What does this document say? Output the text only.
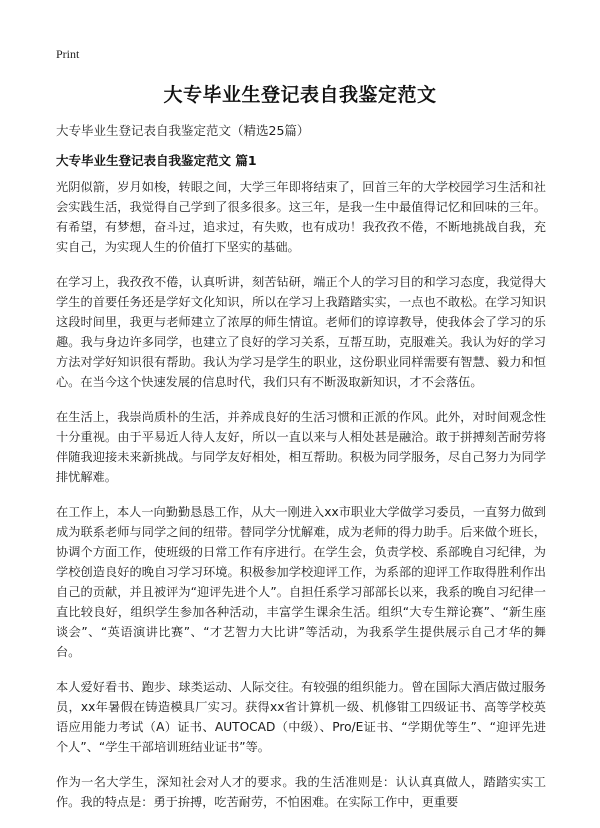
Print
大专毕业生登记表自我鉴定范文
大专毕业生登记表自我鉴定范文（精选25篇）
大专毕业生登记表自我鉴定范文 篇1

光阴似箭，岁月如梭，转眼之间，大学三年即将结束了，回首三年的大学校园学习生活和社会实践生活，我觉得自己学到了很多很多。这三年，是我一生中最值得记忆和回味的三年。有希望，有梦想，奋斗过，追求过，有失败，也有成功！我孜孜不倦，不断地挑战自我，充实自己，为实现人生的价值打下坚实的基础。

在学习上，我孜孜不倦，认真听讲，刻苦钻研，端正个人的学习目的和学习态度，我觉得大学生的首要任务还是学好文化知识，所以在学习上我踏踏实实，一点也不敢松。在学习知识这段时间里，我更与老师建立了浓厚的师生情谊。老师们的谆谆教导，使我体会了学习的乐趣。我与身边许多同学，也建立了良好的学习关系，互帮互助，克服难关。我认为好的学习方法对学好知识很有帮助。我认为学习是学生的职业，这份职业同样需要有智慧、毅力和恒心。在当今这个快速发展的信息时代，我们只有不断汲取新知识，才不会落伍。

在生活上，我崇尚质朴的生活，并养成良好的生活习惯和正派的作风。此外，对时间观念性十分重视。由于平易近人待人友好，所以一直以来与人相处甚是融洽。敢于拼搏刻苦耐劳将伴随我迎接未来新挑战。与同学友好相处，相互帮助。积极为同学服务，尽自己努力为同学排忧解难。

在工作上，本人一向勤勤恳恳工作，从大一刚进入xx市职业大学做学习委员，一直努力做到成为联系老师与同学之间的纽带。替同学分忧解难，成为老师的得力助手。后来做个班长，协调个方面工作，使班级的日常工作有序进行。在学生会，负责学校、系部晚自习纪律，为学校创造良好的晚自习学习环境。积极参加学校迎评工作，为系部的迎评工作取得胜利作出自己的贡献，并且被评为“迎评先进个人”。自担任系学习部部长以来，我系的晚自习纪律一直比较良好，组织学生参加各种活动，丰富学生课余生活。组织“大专生辩论赛”、“新生座谈会”、“英语演讲比赛”、“才艺智力大比讲”等活动，为我系学生提供展示自己才华的舞台。

本人爱好看书、跑步、球类运动、人际交往。有较强的组织能力。曾在国际大酒店做过服务员，xx年暑假在铸造模具厂实习。获得xx省计算机一级、机修钳工四级证书、高等学校英语应用能力考试（A）证书、AUTOCAD（中级）、Pro/E证书、“学期优等生”、“迎评先进个人”、“学生干部培训班结业证书”等。

作为一名大学生，深知社会对人才的要求。我的生活准则是：认认真真做人，踏踏实实工作。我的特点是：勇于拚搏，吃苦耐劳，不怕困难。在实际工作中，更重要
